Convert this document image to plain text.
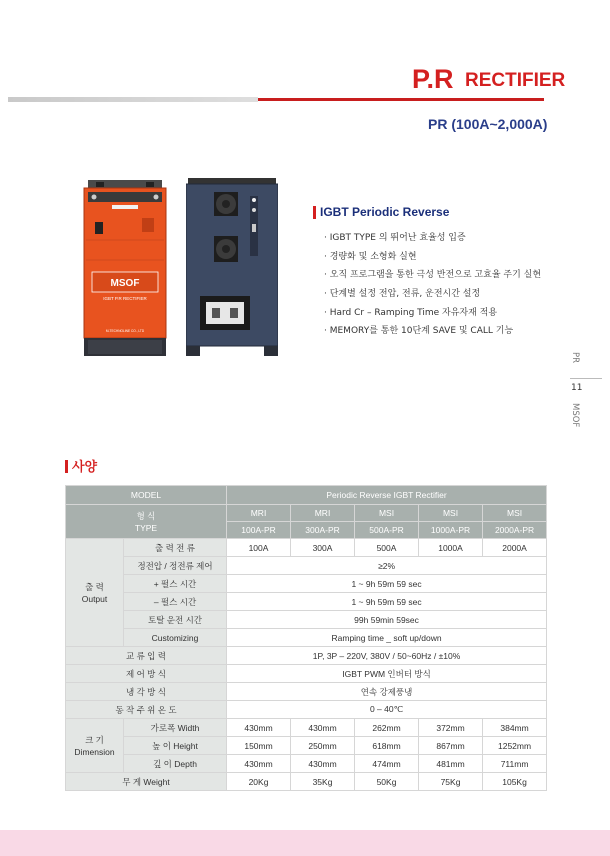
P.R RECTIFIER
PR (100A~2,000A)
MSOF
IGBT P.R RECTIFIER
M-TECHNOLINE CO., LTD
IGBT Periodic Reverse
· IGBT TYPE 의 뛰어난 효율성 입증
· 경량화 및 소형화 실현
· 오직 프로그램을 통한 극성 반전으로 고효율 주기 실현
· 단계별 설정 전압, 전류, 운전시간 설정
· Hard Cr – Ramping Time 자유자재 적용
· MEMORY를 통한 10단계 SAVE 및 CALL 기능
PR
11
MSOF
사양
MODEL		Periodic Reverse IGBT Rectifier				
형 식
TYPE		MRI	MRI	MSI	MSI	MSI
		100A-PR	300A-PR	500A-PR	1000A-PR	2000A-PR
출 력
Output	출 력 전 류	100A	300A	500A	1000A	2000A
	정전압 / 정전류 제어	≥2%				
	+ 펄스 시간	1 ~ 9h 59m 59 sec				
	– 펄스 시간	1 ~ 9h 59m 59 sec				
	토탈 운전 시간	99h 59min 59sec				
	Customizing	Ramping time _ soft up/down				
교 류 입 력		1P, 3P – 220V, 380V / 50~60Hz / ±10%				
제 어 방 식		IGBT PWM 인버터 방식				
냉 각 방 식		연속 강제풍냉				
동 작 주 위 온 도		0 – 40℃				
크 기
Dimension	가로폭 Width	430mm	430mm	262mm	372mm	384mm
	높 이 Height	150mm	250mm	618mm	867mm	1252mm
	깊 이 Depth	430mm	430mm	474mm	481mm	711mm
무 게 Weight		20Kg	35Kg	50Kg	75Kg	105Kg
